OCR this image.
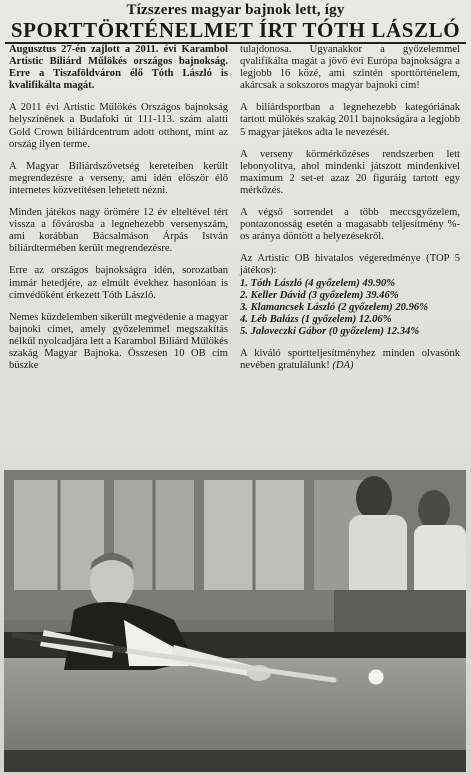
Tízszeres magyar bajnok lett, így
SPORTTÖRTÉNELMET ÍRT TÓTH LÁSZLÓ

Augusztus 27-én zajlott a 2011. évi Karambol Artistic Biliárd Műlökés országos bajnokság. Erre a Tiszaföldváron élő Tóth László is kvalifikálta magát.

A 2011 évi Artistic Műlökés Országos bajnokság helyszínének a Budafoki út 111-113. szám alatti Gold Crown biliárdcentrum adott otthont, mint az ország ilyen terme.

A Magyar Biliárdszövetség kereteiben került megrendezésre a verseny, ami idén először élő internetes közvetítésen lehetett nézni.

Minden játékos nagy örömére 12 év elteltével tért vissza a fővárosba a legnehezebb versenyszám, ami korábban Bácsalmáson Árpás István biliárdtermében került megrendezésre.

Erre az országos bajnokságra idén, sorozatban immár hetedjére, az elmúlt évekhez hasonlóan is címvédőként érkezett Tóth László.

Nemes küzdelemben sikerült megvédenie a magyar bajnoki címet, amely győzelemmel megszakítás nélkül nyolcadjára lett a Karambol Biliárd Műlökés szakág Magyar Bajnoka. Összesen 10 OB cím büszke

tulajdonosa. Ugyanakkor a győzelemmel qvalifikálta magát a jövő évi Európa bajnokságra a legjobb 16 közé, ami szintén sporttörténelem, akárcsak a sokszoros magyar bajnoki cím!

A biliárdsportban a legnehezebb kategóriának tartott műlökés szakág 2011 bajnokságára a legjobb 5 magyar játékos adta le nevezését.

A verseny körmérkőzéses rendszerben lett lebonyolítva, ahol mindenki játszott mindenkivel maximum 2 set-et azaz 20 figuráig tartott egy mérkőzés.

A végső sorrendet a több meccsgyőzelem, pontazonosság esetén a magasabb teljesítmény %-os aránya döntött a helyezésekről.

Az Artistic OB hivatalos végeredménye (TOP 5 játékos):
1. Tóth László (4 győzelem) 49.90%
2. Keller Dávid (3 győzelem) 39.46%
3. Klamancsek László (2 győzelem) 20.96%
4. Léb Balázs (1 győzelem) 12.06%
5. Jaloveczki Gábor (0 győzelem) 12.34%

A kiváló sportteljesítményhez minden olvasónk nevében gratulálunk! (DA)
